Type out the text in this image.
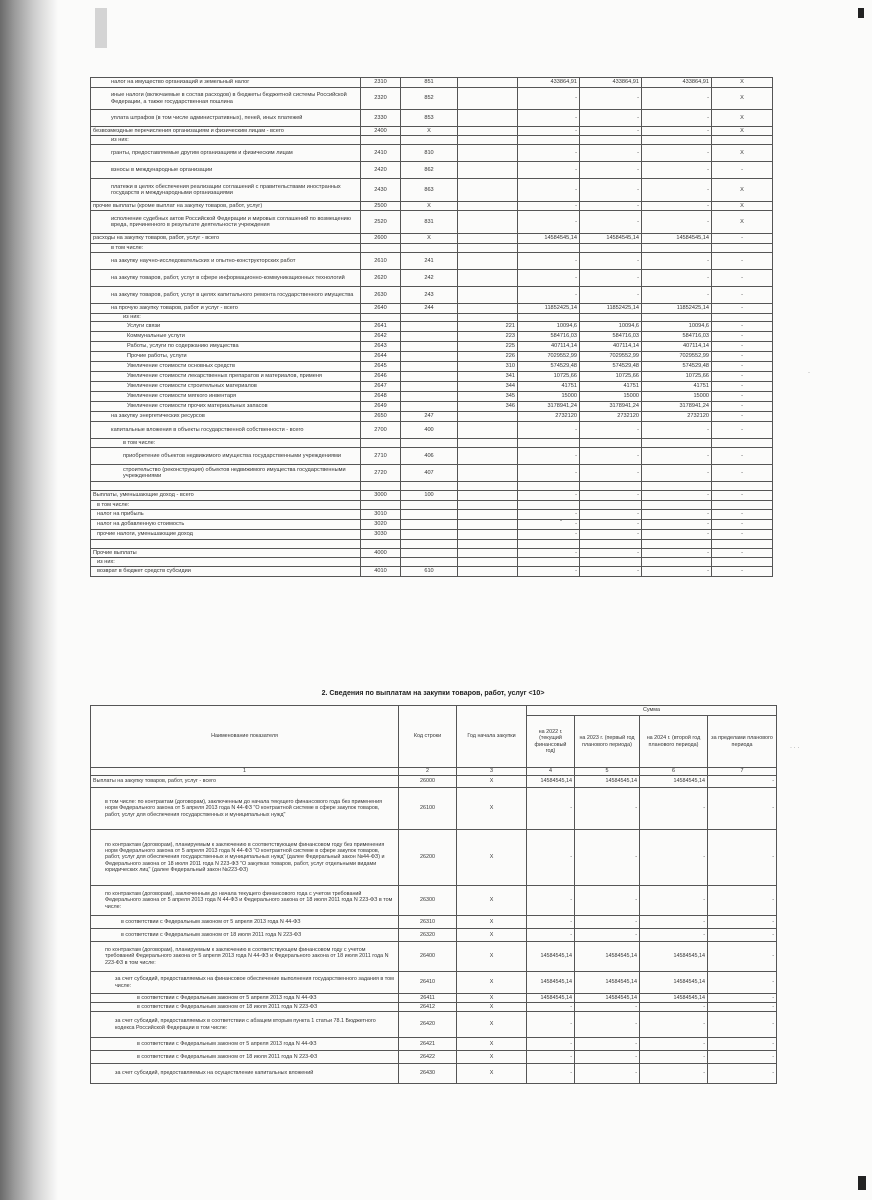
-
· · ·
·
налог на имущество организаций и земельный налог	2310	851		433864,91	433864,91	433864,91	X
иные налоги (включаемые в состав расходов) в бюджеты бюджетной системы Российской Федерации, а также государственная пошлина	2320	852		-	-	-	X
уплата штрафов (в том числе административных), пеней, иных платежей	2330	853		-	-	-	X
безвозмездные перечисления организациям и физическим лицам - всего	2400	X		-	-	-	X
из них:							
гранты, предоставляемые другим организациям и физическим лицам	2410	810		-	-	-	X
взносы в международные организации	2420	862		-	-	-	-
платежи в целях обеспечения реализации соглашений с правительствами иностранных государств и международными организациями	2430	863		-	-	-	X
прочие выплаты (кроме выплат на закупку товаров, работ, услуг)	2500	X		-	-	-	X
исполнение судебных актов Российской Федерации и мировых соглашений по возмещению вреда, причиненного в результате деятельности учреждения	2520	831		-	-	-	X
расходы на закупку товаров, работ, услуг - всего	2600	X		14584545,14	14584545,14	14584545,14	-
в том числе:							
на закупку научно-исследовательских и опытно-конструкторских работ	2610	241		-	-	-	-
на закупку товаров, работ, услуг в сфере информационно-коммуникационных технологий	2620	242		-	-	-	-
на закупку товаров, работ, услуг в целях капитального ремонта государственного имущества	2630	243		-	-	-	-
на прочую закупку товаров, работ и услуг - всего	2640	244		11852425,14	11852425,14	11852425,14	-
из них:							
Услуги связи	2641		221	10094,6	10094,6	10094,6	-
Коммунальные услуги	2642		223	584716,03	584716,03	584716,03	-
Работы, услуги по содержанию имущества	2643		225	407114,14	407114,14	407114,14	-
Прочие работы, услуги	2644		226	7029552,99	7029552,99	7029552,99	-
Увеличение стоимости основных средств	2645		310	574529,48	574529,48	574529,48	-
Увеличение стоимости лекарственных препаратов и материалов, применя	2646		341	10725,66	10725,66	10725,66	-
Увеличение стоимости строительных материалов	2647		344	41751	41751	41751	-
Увеличение стоимости мягкого инвентаря	2648		345	15000	15000	15000	-
Увеличение стоимости прочих материальных запасов	2649		346	3178941,24	3178941,24	3178941,24	-
на закупку энергетических ресурсов	2650	247		2732120	2732120	2732120	-
капитальные вложения в объекты государственной собственности - всего	2700	400		-	-	-	-
в том числе:							
приобретение объектов недвижимого имущества государственными учреждениями	2710	406		-	-	-	-
строительство (реконструкция) объектов недвижимого имущества государственными учреждениями	2720	407		-	-	-	-

Выплаты, уменьшающие доход - всего	3000	100		-	-	-	-
в том числе:							
налог на прибыль	3010			-	-	-	-
налог на добавленную стоимость	3020			-	-	-	-
прочие налоги, уменьшающие доход	3030			-	-	-	-

Прочие выплаты	4000			-	-	-	-
из них:							
возврат в бюджет средств субсидии	4010	610		-	-	-	-
2. Сведения по выплатам на закупки товаров, работ, услуг <10>
Наименование показателя	Код строки	Год начала закупки	Сумма			
			на 2022 г. (текущий финансовый год)	на 2023 г. (первый год планового периода)	на 2024 г. (второй год планового периода)	за пределами планового периода
1	2	3	4	5	6	7
Выплаты на закупку товаров, работ, услуг - всего	26000	X	14584545,14	14584545,14	14584545,14	-
в том числе: по контрактам (договорам), заключенным до начала текущего финансового года без применения норм Федерального закона от 5 апреля 2013 года N 44-ФЗ "О контрактной системе в сфере закупок товаров, работ, услуг для обеспечения государственных и муниципальных нужд"	26100	X	-	-	-	-
по контрактам (договорам), планируемым к заключению в соответствующем финансовом году без применения норм Федерального закона от 5 апреля 2013 года N 44-ФЗ "О контрактной системе в сфере закупок товаров, работ, услуг для обеспечения государственных и муниципальных нужд" (далее Федеральный закон №44-ФЗ) и Федерального закона от 18 июля 2011 года N 223-ФЗ "О закупках товаров, работ, услуг отдельными видами юридических лиц" (далее Федеральный закон №223-ФЗ)	26200	X	-	-	-	-
по контрактам (договорам), заключенным до начала текущего финансового года с учетом требований Федерального закона от 5 апреля 2013 года N 44-ФЗ и Федерального закона от 18 июля 2011 года N 223-ФЗ в том числе:	26300	X	-	-	-	-
в соответствии с Федеральным законом от 5 апреля 2013 года N 44-ФЗ	26310	X	-	-	-	-
в соответствии с Федеральным законом от 18 июля 2011 года N 223-ФЗ	26320	X	-	-	-	-
по контрактам (договорам), планируемым к заключению в соответствующем финансовом году с учетом требований Федерального закона от 5 апреля 2013 года N 44-ФЗ и Федерального закона от 18 июля 2011 года N 223-ФЗ в том числе:	26400	X	14584545,14	14584545,14	14584545,14	-
за счет субсидий, предоставляемых на финансовое обеспечение выполнения государственного задания в том числе:	26410	X	14584545,14	14584545,14	14584545,14	-
в соответствии с Федеральным законом от 5 апреля 2013 года N 44-ФЗ	26411	X	14584545,14	14584545,14	14584545,14	-
в соответствии с Федеральным законом от 18 июля 2011 года N 223-ФЗ	26412	X	-	-	-	-
за счет субсидий, предоставляемых в соответствии с абзацем вторым пункта 1 статьи 78.1 Бюджетного кодекса Российской Федерации в том числе:	26420	X	-	-	-	-
в соответствии с Федеральным законом от 5 апреля 2013 года N 44-ФЗ	26421	X	-	-	-	-
в соответствии с Федеральным законом от 18 июля 2011 года N 223-ФЗ	26422	X	-	-	-	-
за счет субсидий, предоставляемых на осуществление капитальных вложений	26430	X	-	-	-	-
